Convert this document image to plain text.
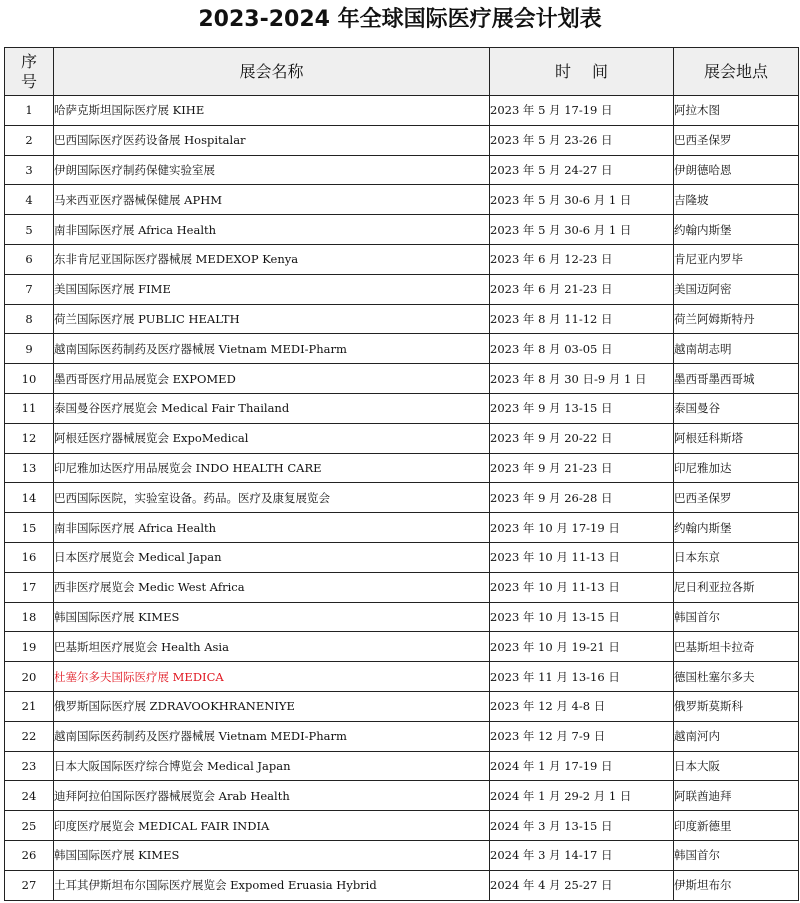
2023-2024 年全球国际医疗展会计划表
序
号	展会名称	时　 间	展会地点
1	哈萨克斯坦国际医疗展 KIHE	2023 年 5 月 17-19 日	阿拉木图
2	巴西国际医疗医药设备展 Hospitalar	2023 年 5 月 23-26 日	巴西圣保罗
3	伊朗国际医疗制药保健实验室展	2023 年 5 月 24-27 日	伊朗德哈恩
4	马来西亚医疗器械保健展 APHM	2023 年 5 月 30-6 月 1 日	吉隆坡
5	南非国际医疗展 Africa Health	2023 年 5 月 30-6 月 1 日	约翰内斯堡
6	东非肯尼亚国际医疗器械展 MEDEXOP Kenya	2023 年 6 月 12-23 日	肯尼亚内罗毕
7	美国国际医疗展 FIME	2023 年 6 月 21-23 日	美国迈阿密
8	荷兰国际医疗展 PUBLIC HEALTH	2023 年 8 月 11-12 日	荷兰阿姆斯特丹
9	越南国际医药制药及医疗器械展 Vietnam MEDI-Pharm	2023 年 8 月 03-05 日	越南胡志明
10	墨西哥医疗用品展览会 EXPOMED	2023 年 8 月 30 日-9 月 1 日	墨西哥墨西哥城
11	泰国曼谷医疗展览会 Medical Fair Thailand	2023 年 9 月 13-15 日	泰国曼谷
12	阿根廷医疗器械展览会 ExpoMedical	2023 年 9 月 20-22 日	阿根廷科斯塔
13	印尼雅加达医疗用品展览会 INDO HEALTH CARE	2023 年 9 月 21-23 日	印尼雅加达
14	巴西国际医院，实验室设备。药品。医疗及康复展览会	2023 年 9 月 26-28 日	巴西圣保罗
15	南非国际医疗展 Africa Health	2023 年 10 月 17-19 日	约翰内斯堡
16	日本医疗展览会 Medical Japan	2023 年 10 月 11-13 日	日本东京
17	西非医疗展览会 Medic West Africa	2023 年 10 月 11-13 日	尼日利亚拉各斯
18	韩国国际医疗展 KIMES	2023 年 10 月 13-15 日	韩国首尔
19	巴基斯坦医疗展览会 Health Asia	2023 年 10 月 19-21 日	巴基斯坦卡拉奇
20	杜塞尔多夫国际医疗展 MEDICA	2023 年 11 月 13-16 日	德国杜塞尔多夫
21	俄罗斯国际医疗展 ZDRAVOOKHRANENIYE	2023 年 12 月 4-8 日	俄罗斯莫斯科
22	越南国际医药制药及医疗器械展 Vietnam MEDI-Pharm	2023 年 12 月 7-9 日	越南河内
23	日本大阪国际医疗综合博览会 Medical Japan	2024 年 1 月 17-19 日	日本大阪
24	迪拜阿拉伯国际医疗器械展览会 Arab Health	2024 年 1 月 29-2 月 1 日	阿联酋迪拜
25	印度医疗展览会 MEDICAL FAIR INDIA	2024 年 3 月 13-15 日	印度新德里
26	韩国国际医疗展 KIMES	2024 年 3 月 14-17 日	韩国首尔
27	土耳其伊斯坦布尔国际医疗展览会 Expomed Eruasia Hybrid	2024 年 4 月 25-27 日	伊斯坦布尔
